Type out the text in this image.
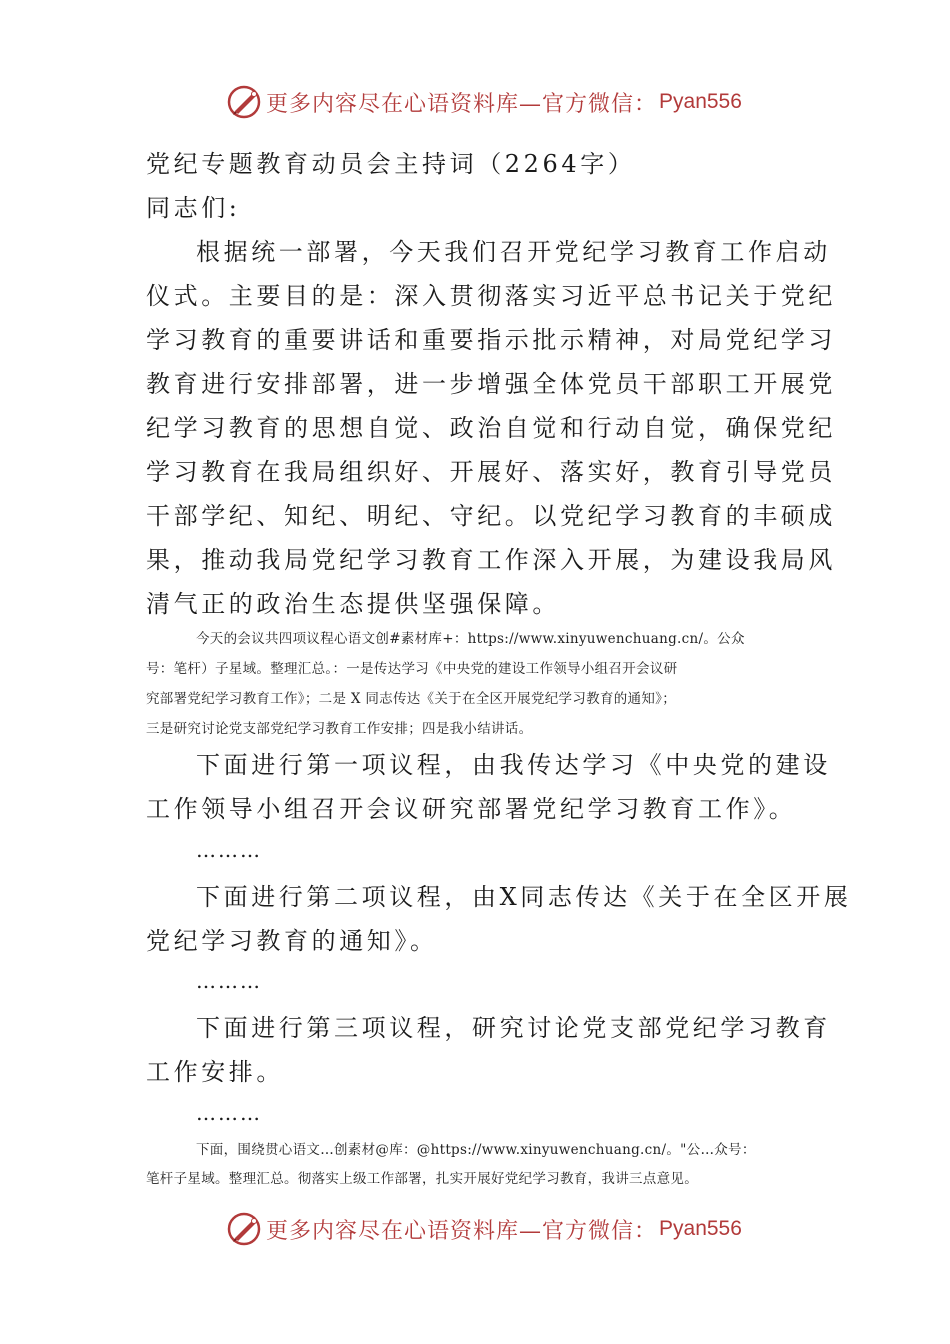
更多内容尽在心语资料库—官方微信： Pyan556
党纪专题教育动员会主持词（2264字）
同志们:
根据统一部署，今天我们召开党纪学习教育工作启动
仪式。主要目的是：深入贯彻落实习近平总书记关于党纪
学习教育的重要讲话和重要指示批示精神，对局党纪学习
教育进行安排部署，进一步增强全体党员干部职工开展党
纪学习教育的思想自觉、政治自觉和行动自觉，确保党纪
学习教育在我局组织好、开展好、落实好，教育引导党员
干部学纪、知纪、明纪、守纪。以党纪学习教育的丰硕成
果，推动我局党纪学习教育工作深入开展，为建设我局风
清气正的政治生态提供坚强保障。
今天的会议共四项议程心语文创#素材库+：https://www.xinyuwenchuang.cn/。公众
号：笔杆）子星域。整理汇总。：一是传达学习《中央党的建设工作领导小组召开会议研
究部署党纪学习教育工作》；二是 X 同志传达《关于在全区开展党纪学习教育的通知》；
三是研究讨论党支部党纪学习教育工作安排；四是我小结讲话。
下面进行第一项议程，由我传达学习《中央党的建设
工作领导小组召开会议研究部署党纪学习教育工作》。
………
下面进行第二项议程，由X同志传达《关于在全区开展
党纪学习教育的通知》。
………
下面进行第三项议程，研究讨论党支部党纪学习教育
工作安排。
………
下面，围绕贯心语文…创素材@库：@https://www.xinyuwenchuang.cn/。"公…众号：
笔杆子星域。整理汇总。彻落实上级工作部署，扎实开展好党纪学习教育，我讲三点意见。
更多内容尽在心语资料库—官方微信： Pyan556
